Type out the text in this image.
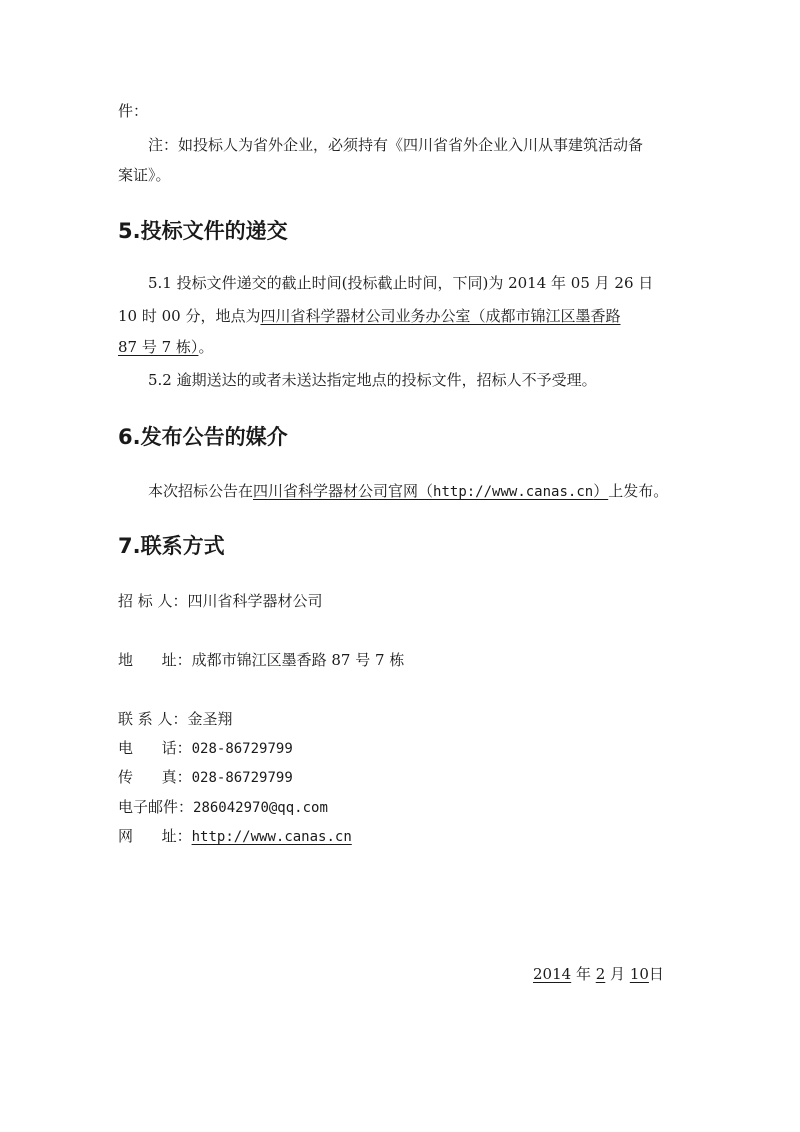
件：
注：如投标人为省外企业，必须持有《四川省省外企业入川从事建筑活动备
案证》。
5.投标文件的递交
5.1 投标文件递交的截止时间(投标截止时间，下同)为 2014 年 05 月 26 日
10 时 00 分，地点为四川省科学器材公司业务办公室（成都市锦江区墨香路
87 号 7 栋）。
5.2 逾期送达的或者未送达指定地点的投标文件，招标人不予受理。
6.发布公告的媒介
本次招标公告在四川省科学器材公司官网（http://www.canas.cn）上发布。
7.联系方式
招 标 人：四川省科学器材公司
地      址：成都市锦江区墨香路 87 号 7 栋
联 系 人：金圣翔
电      话：028-86729799
传      真：028-86729799
电子邮件：286042970@qq.com
网      址：http://www.canas.cn
2014 年 2 月 10日
